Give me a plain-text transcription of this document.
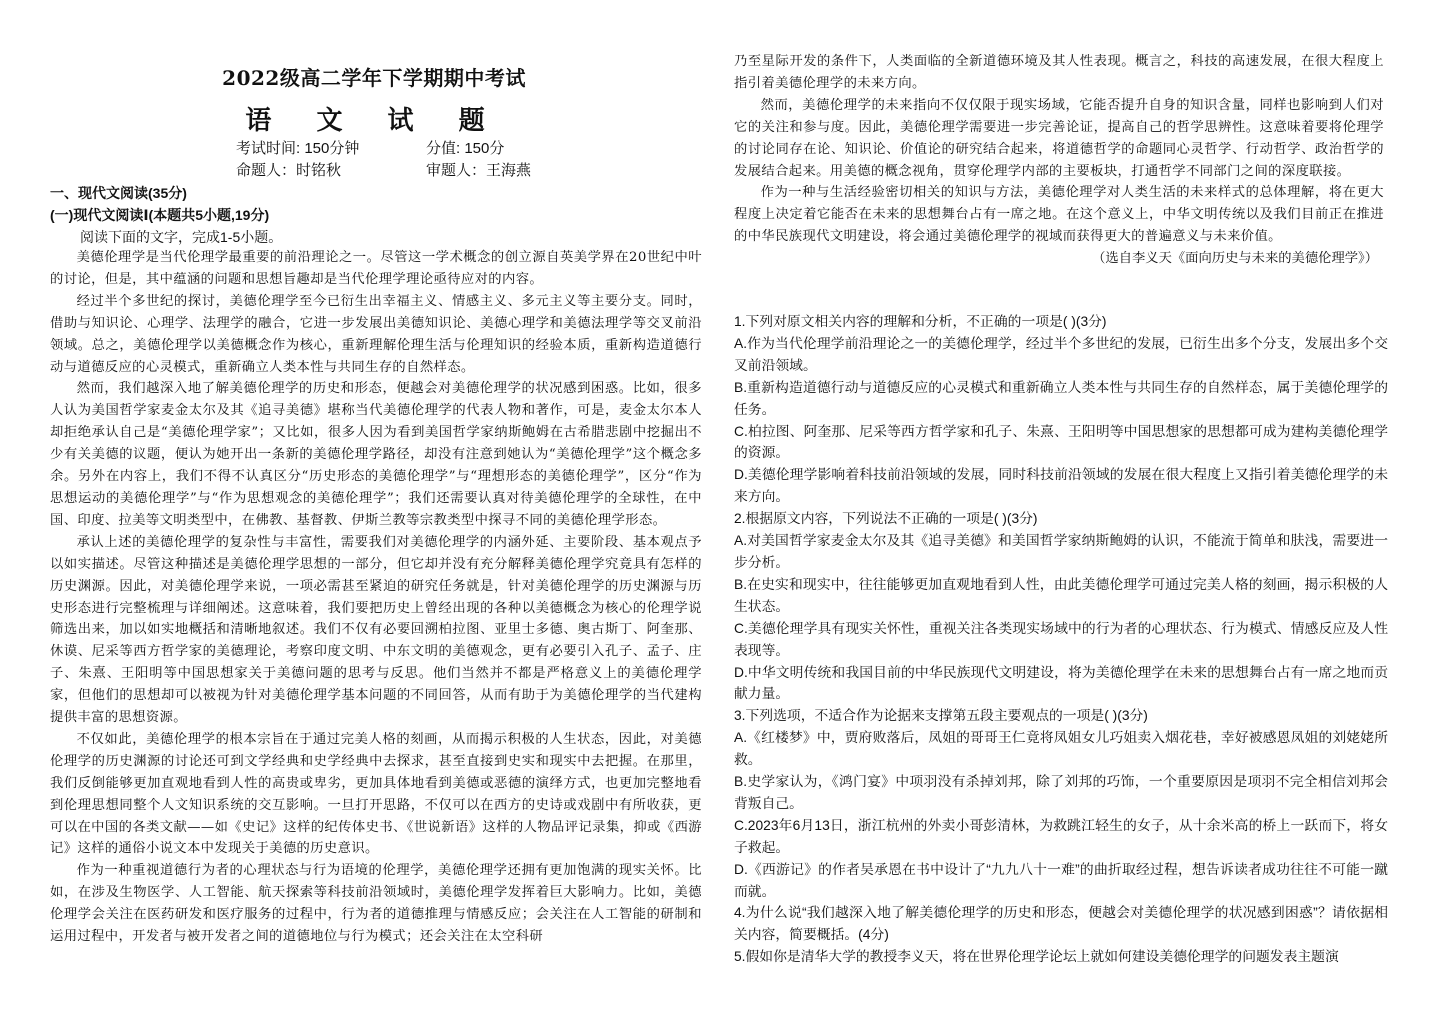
2022级高二学年下学期期中考试
语 文 试 题
考试时间: 150分钟	分值: 150分
命题人：时铭秋	审题人：王海燕
一、现代文阅读(35分)
(一)现代文阅读Ⅰ(本题共5小题,19分)
阅读下面的文字，完成1-5小题。

美德伦理学是当代伦理学最重要的前沿理论之一。尽管这一学术概念的创立源自英美学界在20世纪中叶的讨论，但是，其中蕴涵的问题和思想旨趣却是当代伦理学理论亟待应对的内容。

经过半个多世纪的探讨，美德伦理学至今已衍生出幸福主义、情感主义、多元主义等主要分支。同时，借助与知识论、心理学、法理学的融合，它进一步发展出美德知识论、美德心理学和美德法理学等交叉前沿领域。总之，美德伦理学以美德概念作为核心，重新理解伦理生活与伦理知识的经验本质，重新构造道德行动与道德反应的心灵模式，重新确立人类本性与共同生存的自然样态。

然而，我们越深入地了解美德伦理学的历史和形态，便越会对美德伦理学的状况感到困惑。比如，很多人认为美国哲学家麦金太尔及其《追寻美德》堪称当代美德伦理学的代表人物和著作，可是，麦金太尔本人却拒绝承认自己是“美德伦理学家”；又比如，很多人因为看到美国哲学家纳斯鲍姆在古希腊悲剧中挖掘出不少有关美德的议题，便认为她开出一条新的美德伦理学路径，却没有注意到她认为“美德伦理学”这个概念多余。另外在内容上，我们不得不认真区分“历史形态的美德伦理学”与“理想形态的美德伦理学”，区分“作为思想运动的美德伦理学”与“作为思想观念的美德伦理学”；我们还需要认真对待美德伦理学的全球性，在中国、印度、拉美等文明类型中，在佛教、基督教、伊斯兰教等宗教类型中探寻不同的美德伦理学形态。

承认上述的美德伦理学的复杂性与丰富性，需要我们对美德伦理学的内涵外延、主要阶段、基本观点予以如实描述。尽管这种描述是美德伦理学思想的一部分，但它却并没有充分解释美德伦理学究竟具有怎样的历史渊源。因此，对美德伦理学来说，一项必需甚至紧迫的研究任务就是，针对美德伦理学的历史渊源与历史形态进行完整梳理与详细阐述。这意味着，我们要把历史上曾经出现的各种以美德概念为核心的伦理学说筛选出来，加以如实地概括和清晰地叙述。我们不仅有必要回溯柏拉图、亚里士多德、奥古斯丁、阿奎那、休谟、尼采等西方哲学家的美德理论，考察印度文明、中东文明的美德观念，更有必要引入孔子、孟子、庄子、朱熹、王阳明等中国思想家关于美德问题的思考与反思。他们当然并不都是严格意义上的美德伦理学家，但他们的思想却可以被视为针对美德伦理学基本问题的不同回答，从而有助于为美德伦理学的当代建构提供丰富的思想资源。

不仅如此，美德伦理学的根本宗旨在于通过完美人格的刻画，从而揭示积极的人生状态，因此，对美德伦理学的历史渊源的讨论还可到文学经典和史学经典中去探求，甚至直接到史实和现实中去把握。在那里，我们反倒能够更加直观地看到人性的高贵或卑劣，更加具体地看到美德或恶德的演绎方式，也更加完整地看到伦理思想同整个人文知识系统的交互影响。一旦打开思路，不仅可以在西方的史诗或戏剧中有所收获，更可以在中国的各类文献——如《史记》这样的纪传体史书、《世说新语》这样的人物品评记录集，抑或《西游记》这样的通俗小说文本中发现关于美德的历史意识。

作为一种重视道德行为者的心理状态与行为语境的伦理学，美德伦理学还拥有更加饱满的现实关怀。比如，在涉及生物医学、人工智能、航天探索等科技前沿领域时，美德伦理学发挥着巨大影响力。比如，美德伦理学会关注在医药研发和医疗服务的过程中，行为者的道德推理与情感反应；会关注在人工智能的研制和运用过程中，开发者与被开发者之间的道德地位与行为模式；还会关注在太空科研

乃至星际开发的条件下，人类面临的全新道德环境及其人性表现。概言之，科技的高速发展，在很大程度上指引着美德伦理学的未来方向。

然而，美德伦理学的未来指向不仅仅限于现实场域，它能否提升自身的知识含量，同样也影响到人们对它的关注和参与度。因此，美德伦理学需要进一步完善论证，提高自己的哲学思辨性。这意味着要将伦理学的讨论同存在论、知识论、价值论的研究结合起来，将道德哲学的命题同心灵哲学、行动哲学、政治哲学的发展结合起来。用美德的概念视角，贯穿伦理学内部的主要板块，打通哲学不同部门之间的深度联接。

作为一种与生活经验密切相关的知识与方法，美德伦理学对人类生活的未来样式的总体理解，将在更大程度上决定着它能否在未来的思想舞台占有一席之地。在这个意义上，中华文明传统以及我们目前正在推进的中华民族现代文明建设，将会通过美德伦理学的视域而获得更大的普遍意义与未来价值。

（选自李义天《面向历史与未来的美德伦理学》）

1.下列对原文相关内容的理解和分析，不正确的一项是( )(3分)

A.作为当代伦理学前沿理论之一的美德伦理学，经过半个多世纪的发展，已衍生出多个分支，发展出多个交叉前沿领域。

B.重新构造道德行动与道德反应的心灵模式和重新确立人类本性与共同生存的自然样态，属于美德伦理学的任务。

C.柏拉图、阿奎那、尼采等西方哲学家和孔子、朱熹、王阳明等中国思想家的思想都可成为建构美德伦理学的资源。

D.美德伦理学影响着科技前沿领域的发展，同时科技前沿领域的发展在很大程度上又指引着美德伦理学的未来方向。

2.根据原文内容，下列说法不正确的一项是( )(3分)

A.对美国哲学家麦金太尔及其《追寻美德》和美国哲学家纳斯鲍姆的认识，不能流于简单和肤浅，需要进一步分析。

B.在史实和现实中，往往能够更加直观地看到人性，由此美德伦理学可通过完美人格的刻画，揭示积极的人生状态。

C.美德伦理学具有现实关怀性，重视关注各类现实场域中的行为者的心理状态、行为模式、情感反应及人性表现等。

D.中华文明传统和我国目前的中华民族现代文明建设，将为美德伦理学在未来的思想舞台占有一席之地而贡献力量。

3.下列选项，不适合作为论据来支撑第五段主要观点的一项是( )(3分)

A.《红楼梦》中，贾府败落后，凤姐的哥哥王仁竟将凤姐女儿巧姐卖入烟花巷，幸好被感恩凤姐的刘姥姥所救。

B.史学家认为，《鸿门宴》中项羽没有杀掉刘邦，除了刘邦的巧饰，一个重要原因是项羽不完全相信刘邦会背叛自己。

C.2023年6月13日，浙江杭州的外卖小哥彭清林，为救跳江轻生的女子，从十余米高的桥上一跃而下，将女子救起。

D.《西游记》的作者吴承恩在书中设计了“九九八十一难”的曲折取经过程，想告诉读者成功往往不可能一蹴而就。

4.为什么说“我们越深入地了解美德伦理学的历史和形态，便越会对美德伦理学的状况感到困惑”？请依据相关内容，简要概括。(4分)

5.假如你是清华大学的教授李义天，将在世界伦理学论坛上就如何建设美德伦理学的问题发表主题演
